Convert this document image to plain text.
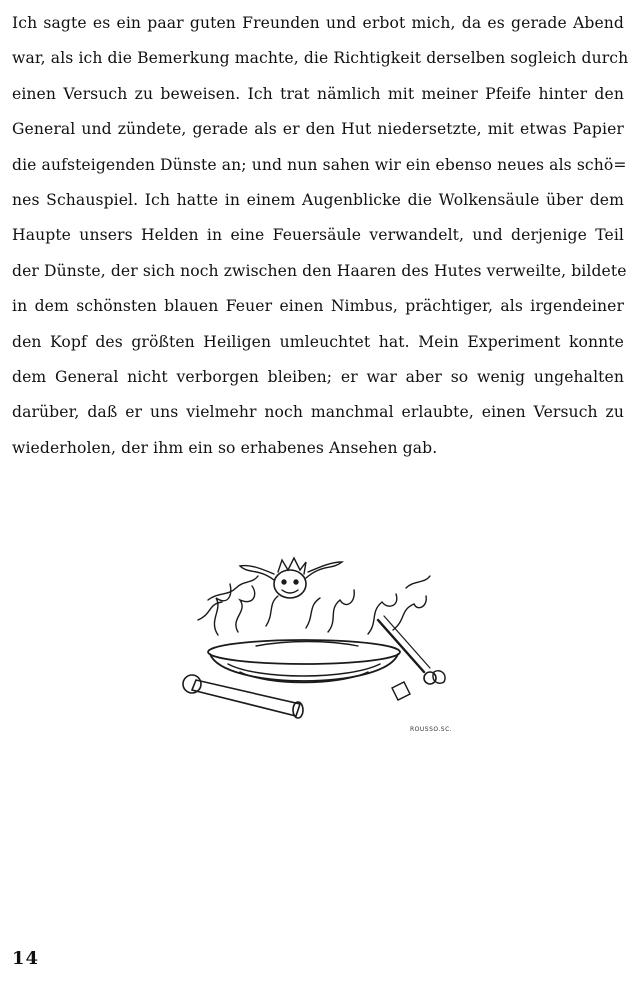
Ich sagte es ein paar guten Freunden und erbot mich, da es gerade Abend
war, als ich die Bemerkung machte, die Richtigkeit derselben sogleich durch
einen Versuch zu beweisen. Ich trat nämlich mit meiner Pfeife hinter den
General und zündete, gerade als er den Hut niedersetzte, mit etwas Papier
die aufsteigenden Dünste an; und nun sahen wir ein ebenso neues als schö=
nes Schauspiel. Ich hatte in einem Augenblicke die Wolkensäule über dem
Haupte unsers Helden in eine Feuersäule verwandelt, und derjenige Teil
der Dünste, der sich noch zwischen den Haaren des Hutes verweilte, bildete
in dem schönsten blauen Feuer einen Nimbus, prächtiger, als irgendeiner
den Kopf des größten Heiligen umleuchtet hat. Mein Experiment konnte
dem General nicht verborgen bleiben; er war aber so wenig ungehalten
darüber, daß er uns vielmehr noch manchmal erlaubte, einen Versuch zu
wiederholen, der ihm ein so erhabenes Ansehen gab.
ROUSSO.SC.
14
